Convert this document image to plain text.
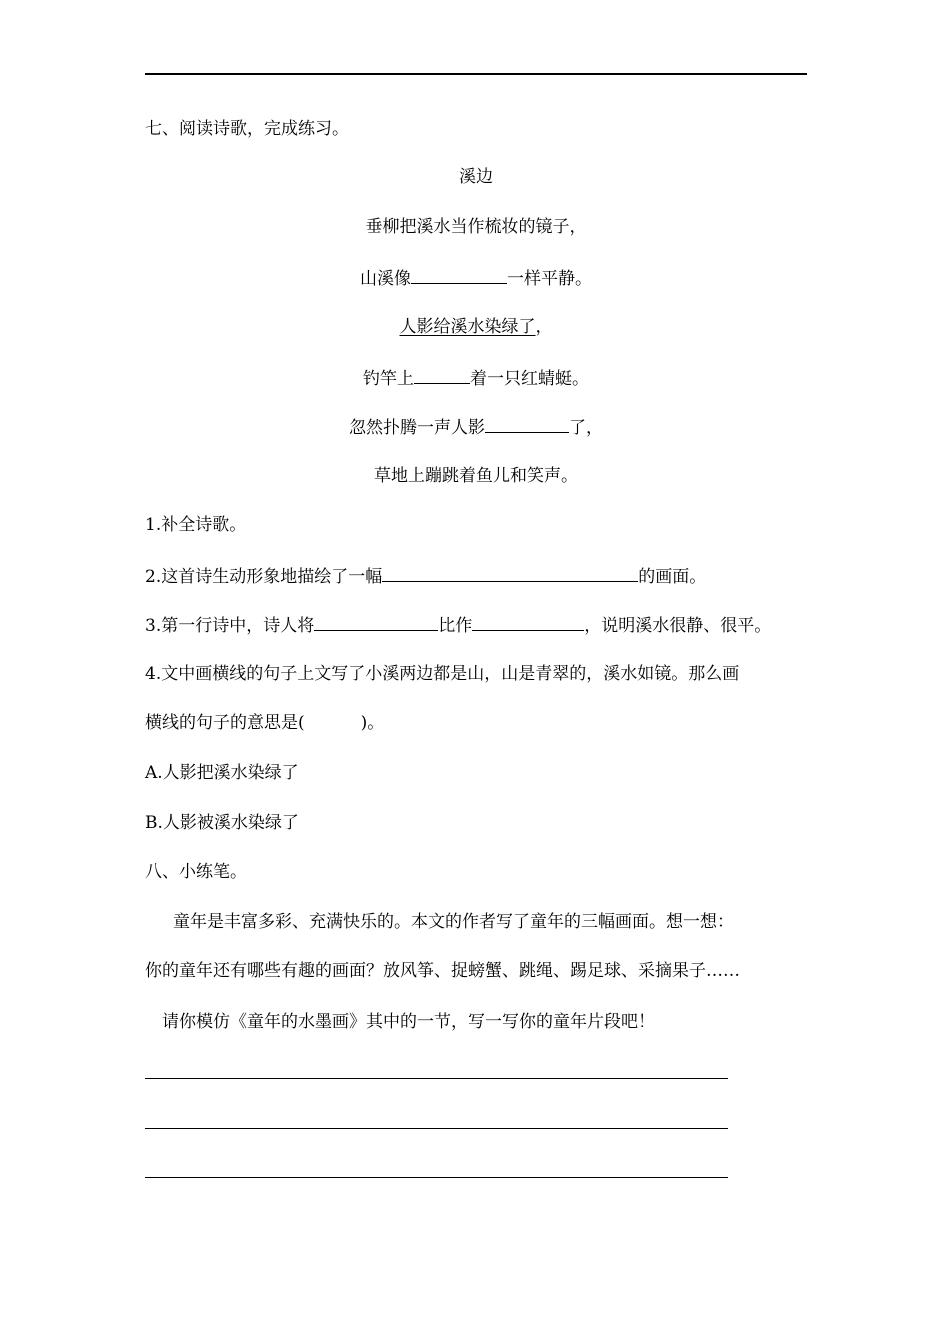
七、阅读诗歌，完成练习。
溪边
垂柳把溪水当作梳妆的镜子，
山溪像	一样平静。
人影给溪水染绿了，
钓竿上	着一只红蜻蜓。
忽然扑腾一声人影	了，
草地上蹦跳着鱼儿和笑声。
1.补全诗歌。
2.这首诗生动形象地描绘了一幅	的画面。
3.第一行诗中，诗人将	比作	，说明溪水很静、很平。
4.文中画横线的句子上文写了小溪两边都是山，山是青翠的，溪水如镜。那么画
横线的句子的意思是(	)。
A.人影把溪水染绿了
B.人影被溪水染绿了
八、小练笔。
童年是丰富多彩、充满快乐的。本文的作者写了童年的三幅画面。想一想：
你的童年还有哪些有趣的画面？放风筝、捉螃蟹、跳绳、踢足球、采摘果子……
请你模仿《童年的水墨画》其中的一节，写一写你的童年片段吧！
